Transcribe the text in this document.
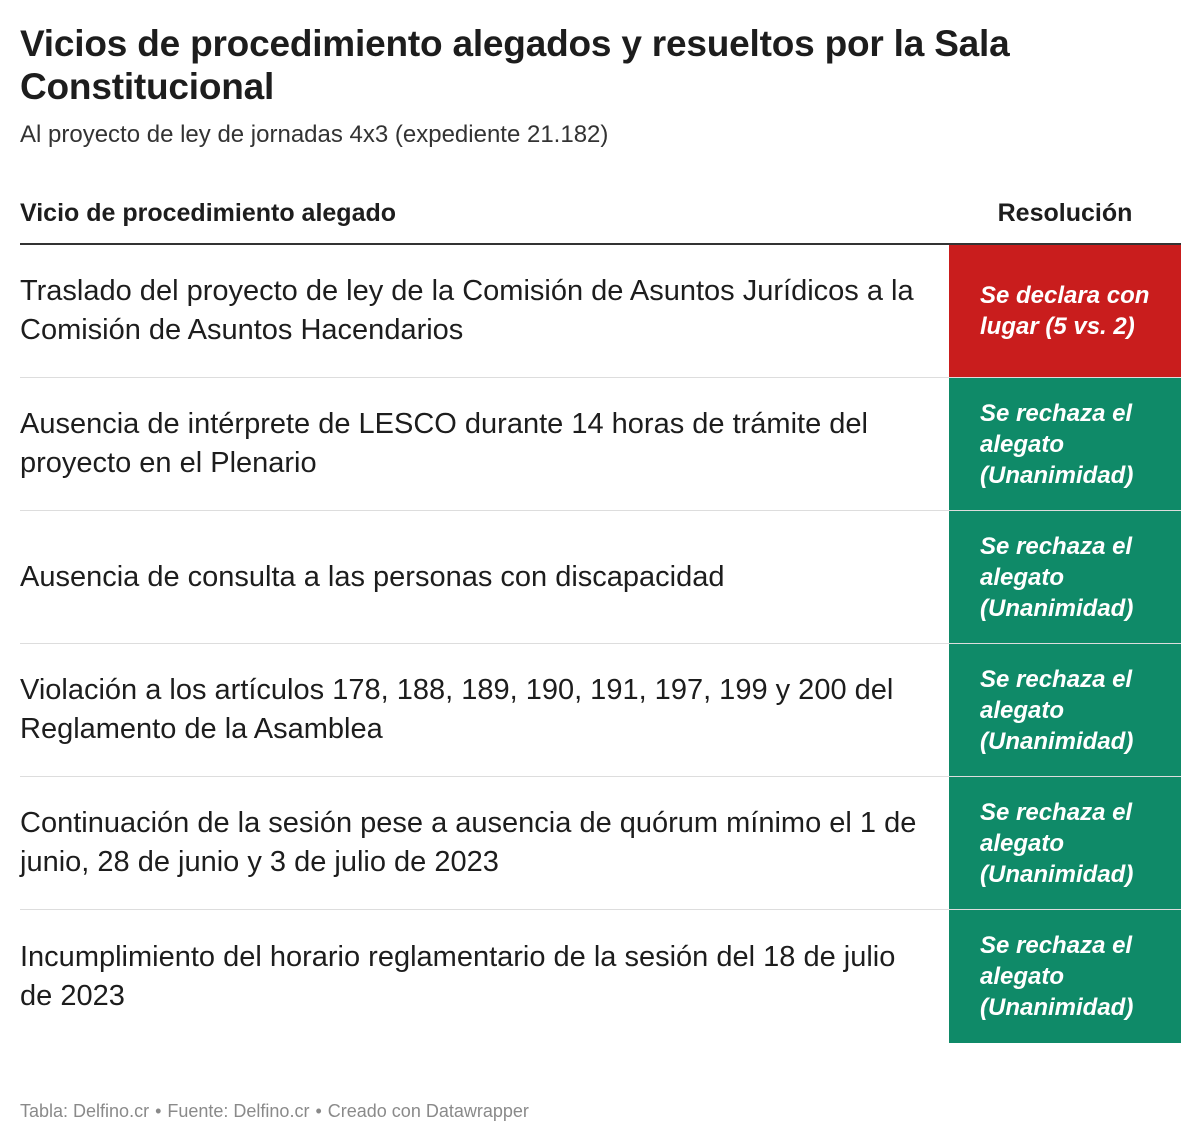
Vicios de procedimiento alegados y resueltos por la Sala Constitucional
Al proyecto de ley de jornadas 4x3 (expediente 21.182)
Vicio de procedimiento alegado	Resolución
Traslado del proyecto de ley de la Comisión de Asuntos Jurídicos a la Comisión de Asuntos Hacendarios
Se declara con lugar (5 vs. 2)
Ausencia de intérprete de LESCO durante 14 horas de trámite del proyecto en el Plenario
Se rechaza el alegato (Unanimidad)
Ausencia de consulta a las personas con discapacidad
Se rechaza el alegato (Unanimidad)
Violación a los artículos 178, 188, 189, 190, 191, 197, 199 y 200 del Reglamento de la Asamblea
Se rechaza el alegato (Unanimidad)
Continuación de la sesión pese a ausencia de quórum mínimo el 1 de junio, 28 de junio y 3 de julio de 2023
Se rechaza el alegato (Unanimidad)
Incumplimiento del horario reglamentario de la sesión del 18 de julio de 2023
Se rechaza el alegato (Unanimidad)
Tabla: Delfino.cr • Fuente: Delfino.cr • Creado con Datawrapper
